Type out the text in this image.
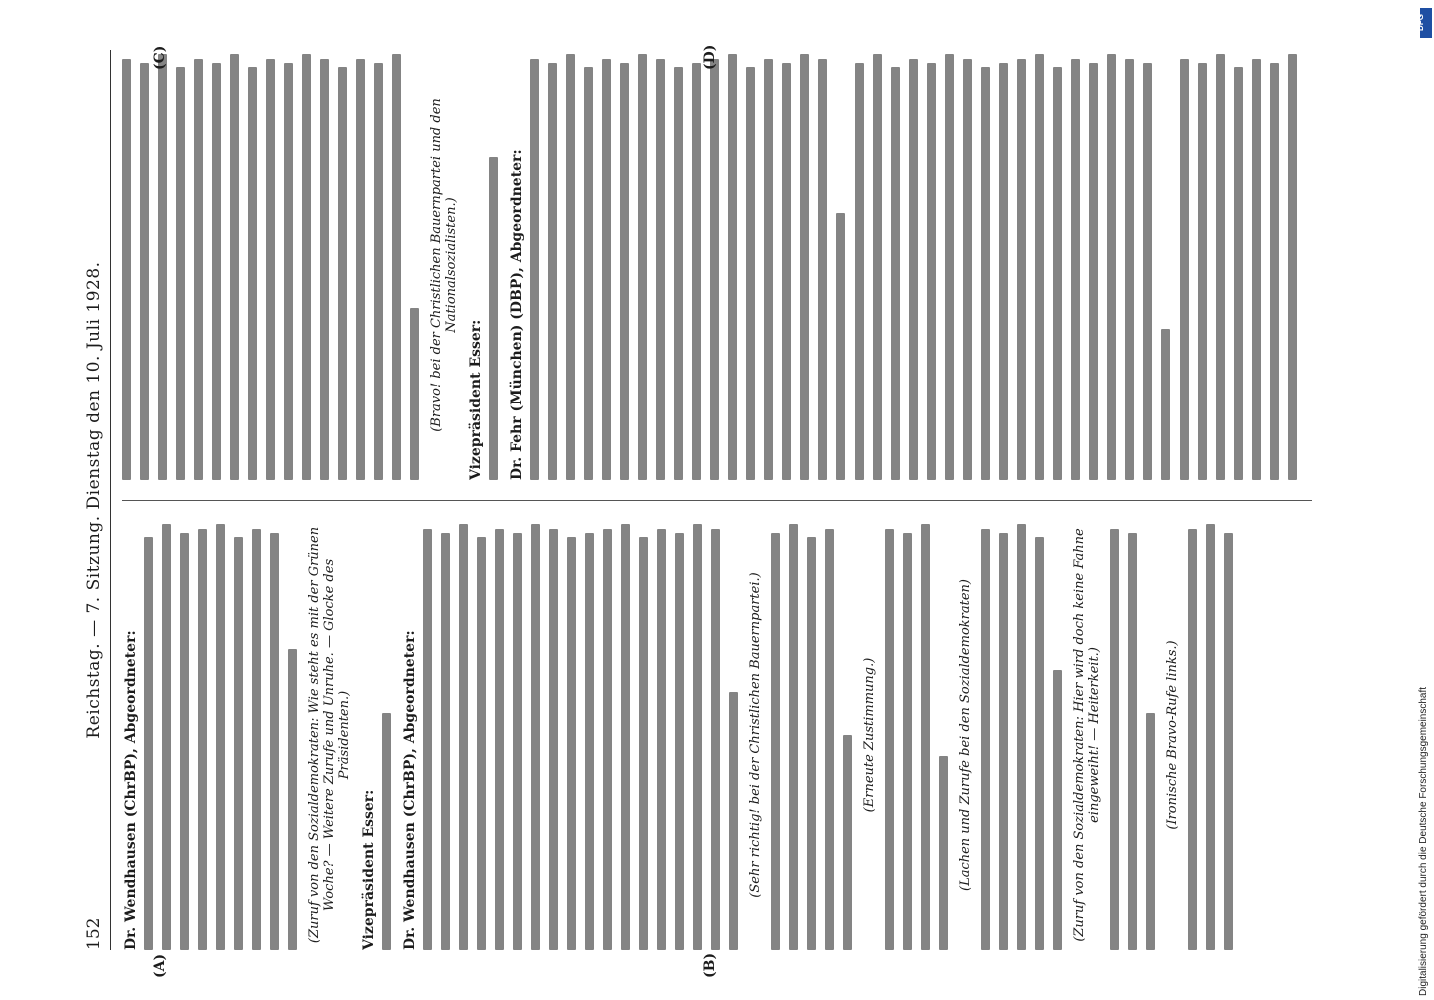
152
Reichstag. — 7. Sitzung. Dienstag den 10. Juli 1928.
Dr. Wendhausen (ChrBP), Abgeordneter:	(Zuruf von den Sozialdemokraten: Wie steht es mit der Grünen Woche? — Weitere Zurufe und Unruhe. — Glocke des Präsidenten.)
Vizepräsident Esser: Dr. Wendhausen (ChrBP), Abgeordneter:	(Sehr richtig! bei der Christlichen Bauernpartei.)	(Erneute Zustimmung.)	(Lachen und Zurufe bei den Sozialdemokraten)	(Zuruf von den Sozialdemokraten: Hier wird doch keine Fahne eingeweiht! — Heiterkeit.)	(Ironische Bravo-Rufe links.)
(Bravo! bei der Christlichen Bauernpartei und den Nationalsozialisten.)
Vizepräsident Esser: Dr. Fehr (München) (DBP), Abgeordneter:
(A)	(B)
(C)	(D)
DFG
Digitalisierung gefördert durch die Deutsche Forschungsgemeinschaft
